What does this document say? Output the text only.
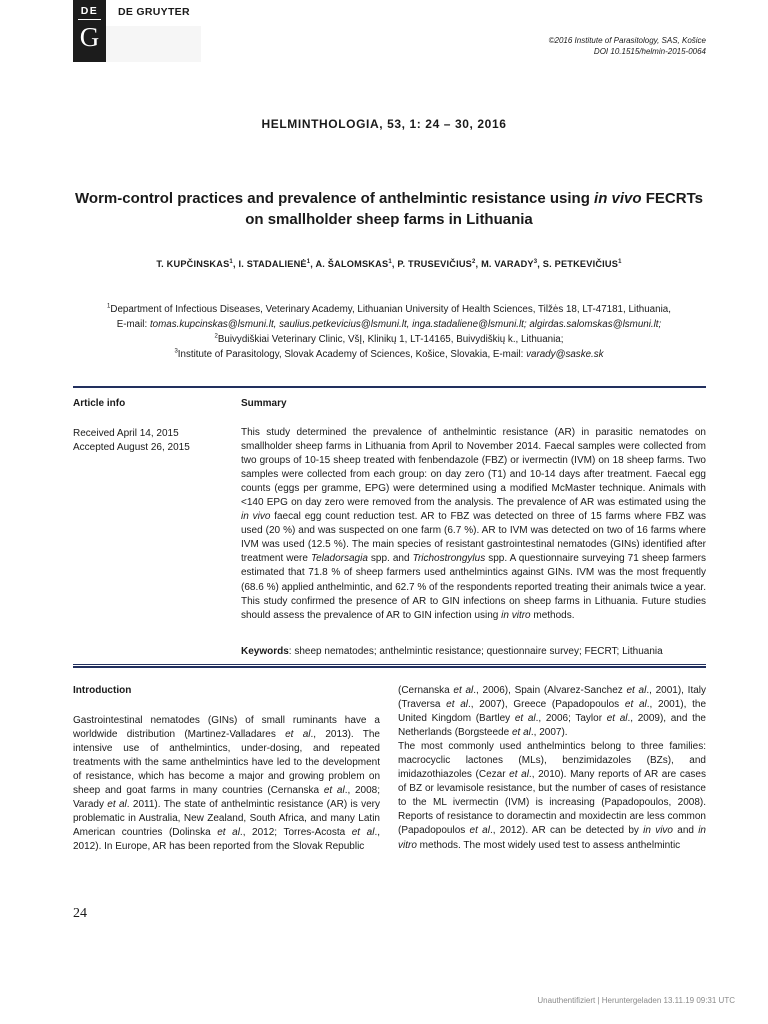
DE
G
DE GRUYTER
©2016 Institute of Parasitology, SAS, Košice
DOI 10.1515/helmin-2015-0064
HELMINTHOLOGIA, 53, 1: 24 – 30, 2016
Worm-control practices and prevalence of anthelmintic resistance using in vivo FECRTs
on smallholder sheep farms in Lithuania
T. KUPČINSKAS$^1$, I. STADALIENĖ$^1$, A. ŠALOMSKAS$^1$, P. TRUSEVIČIUS$^2$, M. VARADY$^3$, S. PETKEVIČIUS$^1$
$^1$Department of Infectious Diseases, Veterinary Academy, Lithuanian University of Health Sciences, Tilžės 18, LT-47181, Lithuania,
E-mail: tomas.kupcinskas@lsmuni.lt, saulius.petkevicius@lsmuni.lt, inga.stadaliene@lsmuni.lt; algirdas.salomskas@lsmuni.lt;
$^2$Buivydiškiai Veterinary Clinic, VšĮ, Klinikų 1, LT-14165, Buivydiškių k., Lithuania;
$^3$Institute of Parasitology, Slovak Academy of Sciences, Košice, Slovakia, E-mail: varady@saske.sk
Article info	Summary
Received April 14, 2015
Accepted August 26, 2015
This study determined the prevalence of anthelmintic resistance (AR) in parasitic nematodes on smallholder sheep farms in Lithuania from April to November 2014. Faecal samples were collected from two groups of 10-15 sheep treated with fenbendazole (FBZ) or ivermectin (IVM) on 18 sheep farms. Two samples were collected from each group: on day zero (T1) and 10-14 days after treatment. Faecal egg counts (eggs per gramme, EPG) were determined using a modified McMaster technique. Animals with <140 EPG on day zero were removed from the analysis. The prevalence of AR was estimated using the in vivo faecal egg count reduction test. AR to FBZ was detected on three of 15 farms where FBZ was used (20 %) and was suspected on one farm (6.7 %). AR to IVM was detected on two of 16 farms where IVM was used (12.5 %). The main species of resistant gastrointestinal nematodes (GINs) identified after treatment were Teladorsagia spp. and Trichostrongylus spp. A questionnaire surveying 71 sheep farmers estimated that 71.8 % of sheep farmers used anthelmintics against GINs. IVM was the most frequently (68.6 %) applied anthelmintic, and 62.7 % of the respondents reported treating their animals twice a year. This study confirmed the presence of AR to GIN infections on sheep farms in Lithuania. Future studies should assess the prevalence of AR to GIN infection using in vitro methods.
Keywords: sheep nematodes; anthelmintic resistance; questionnaire survey; FECRT; Lithuania
Introduction

Gastrointestinal nematodes (GINs) of small ruminants have a worldwide distribution (Martinez-Valladares et al., 2013). The intensive use of anthelmintics, under-dosing, and repeated treatments with the same anthelmintics have led to the development of resistance, which has become a major and growing problem on sheep and goat farms in many countries (Cernanska et al., 2008; Varady et al. 2011). The state of anthelmintic resistance (AR) is very problematic in Australia, New Zealand, South Africa, and many Latin American countries (Dolinska et al., 2012; Torres-Acosta et al., 2012). In Europe, AR has been reported from the Slovak Republic

(Cernanska et al., 2006), Spain (Alvarez-Sanchez et al., 2001), Italy (Traversa et al., 2007), Greece (Papadopoulos et al., 2001), the United Kingdom (Bartley et al., 2006; Taylor et al., 2009), and the Netherlands (Borgsteede et al., 2007).

The most commonly used anthelmintics belong to three families: macrocyclic lactones (MLs), benzimidazoles (BZs), and imidazothiazoles (Cezar et al., 2010). Many reports of AR are cases of BZ or levamisole resistance, but the number of cases of resistance to the ML ivermectin (IVM) is increasing (Papadopoulos, 2008). Reports of resistance to doramectin and moxidectin are less common (Papadopoulos et al., 2012). AR can be detected by in vivo and in vitro methods. The most widely used test to assess anthelmintic

24
Unauthentifiziert | Heruntergeladen 13.11.19 09:31 UTC
